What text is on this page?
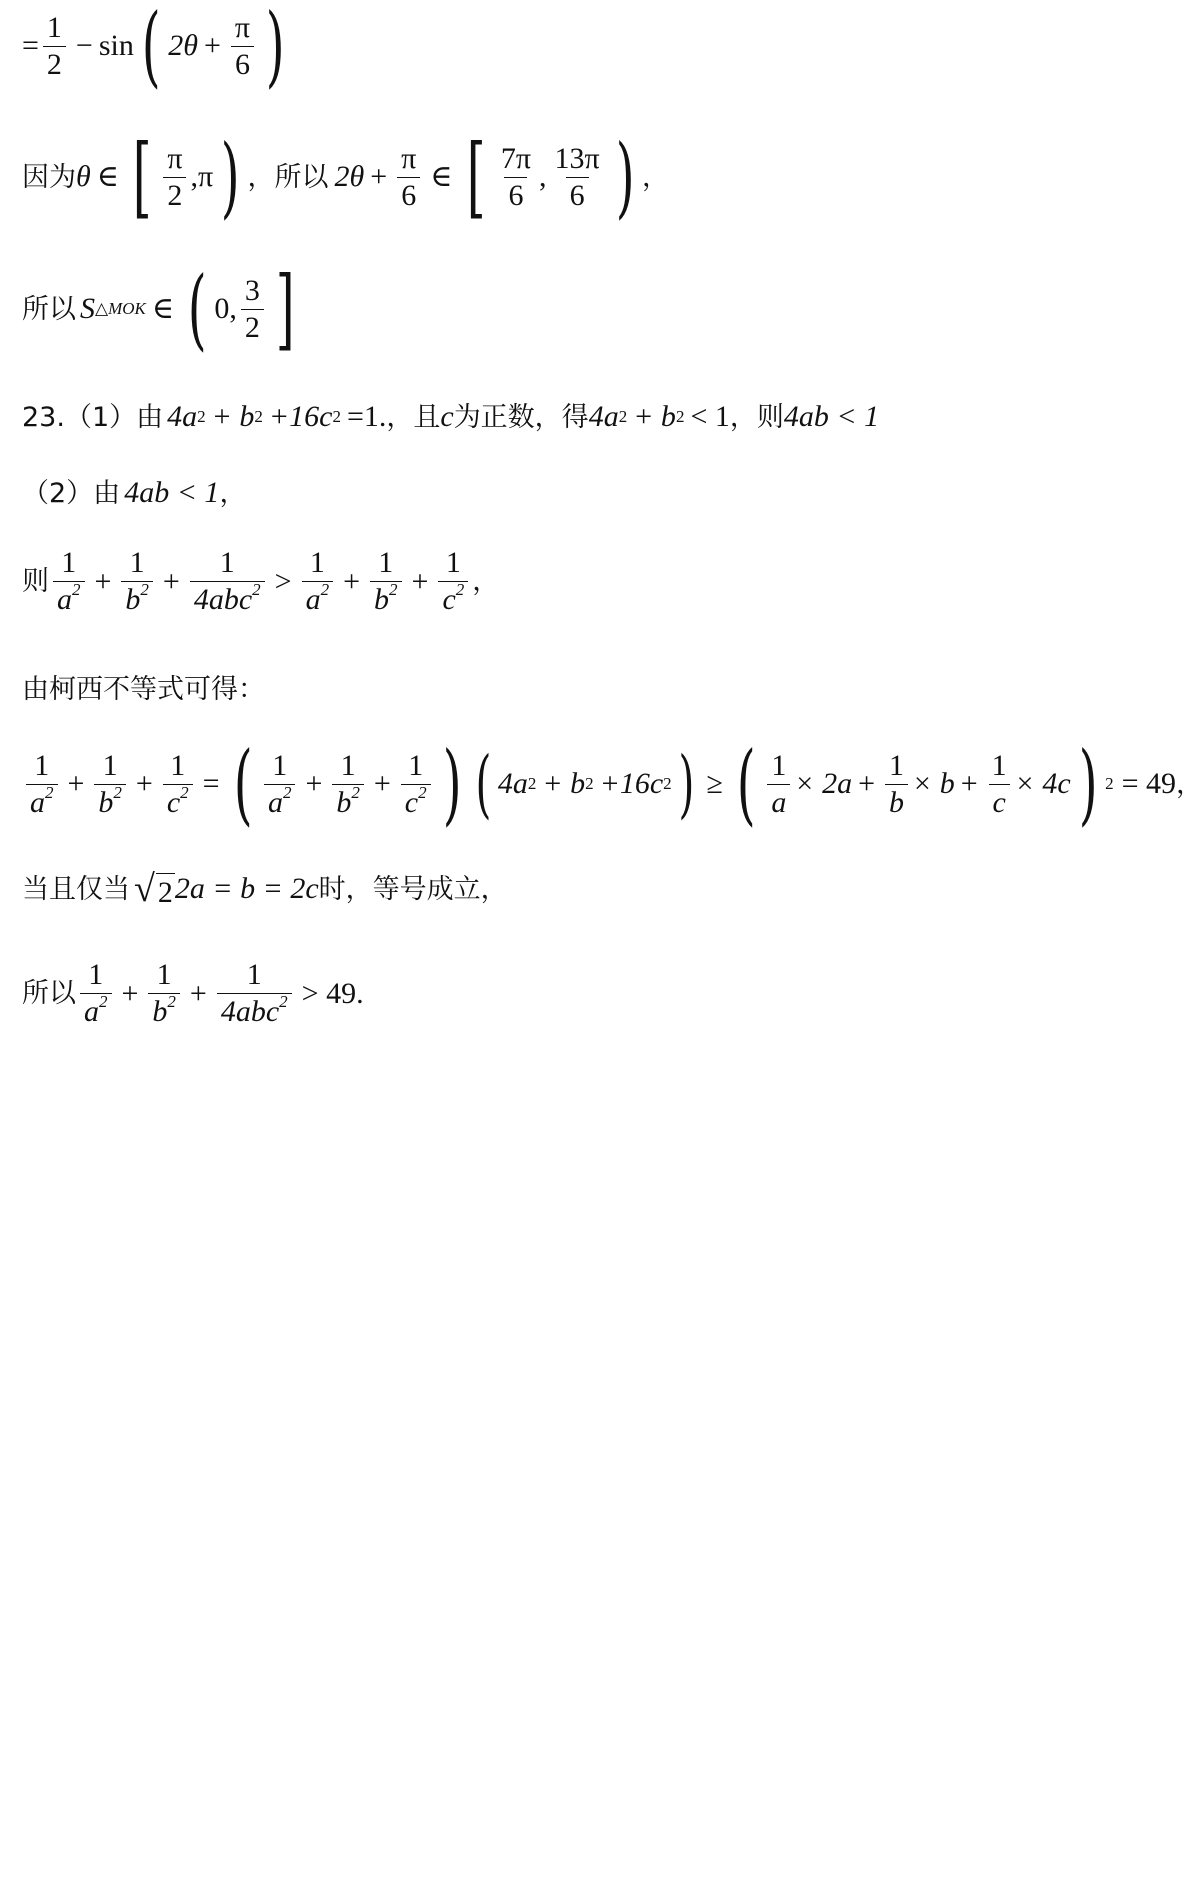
= $\frac{1}{2} - \sin$ ( $2\theta + \frac{\pi}{6}$ )
因为 θ ∈ [ $\frac{\pi}{2}$ , π ) ，所以 $2\theta + \frac{\pi}{6}$ ∈ [ $\frac{7\pi}{6}$ , $\frac{13\pi}{6}$ ) ，
所以 S △MOK ∈ ( 0, $\frac{3}{2}$ ]
23.（1）由 4a 2 + b 2 +16c 2 =1. ，且 c 为正数，得 4a 2 + b 2 < 1 ，则 4ab < 1
（2）由 4ab < 1 ，
则 $\frac{1}{a^2} + \frac{1}{b^2} + \frac{1}{4abc^2} > \frac{1}{a^2} + \frac{1}{b^2} + \frac{1}{c^2}$ ，
由柯西不等式可得：
$\frac{1}{a^2} + \frac{1}{b^2} + \frac{1}{c^2}$ = ( $\frac{1}{a^2} + \frac{1}{b^2} + \frac{1}{c^2}$ ) ( 4a 2 + b 2 +16c 2 ) ≥ ( $\frac{1}{a} \times 2a + \frac{1}{b} \times b + \frac{1}{c} \times 4c$ ) 2 = 49 ，
当且仅当 √ 2 2a = b = 2c 时，等号成立，
所以 $\frac{1}{a^2} + \frac{1}{b^2} + \frac{1}{4abc^2} > 49$.
